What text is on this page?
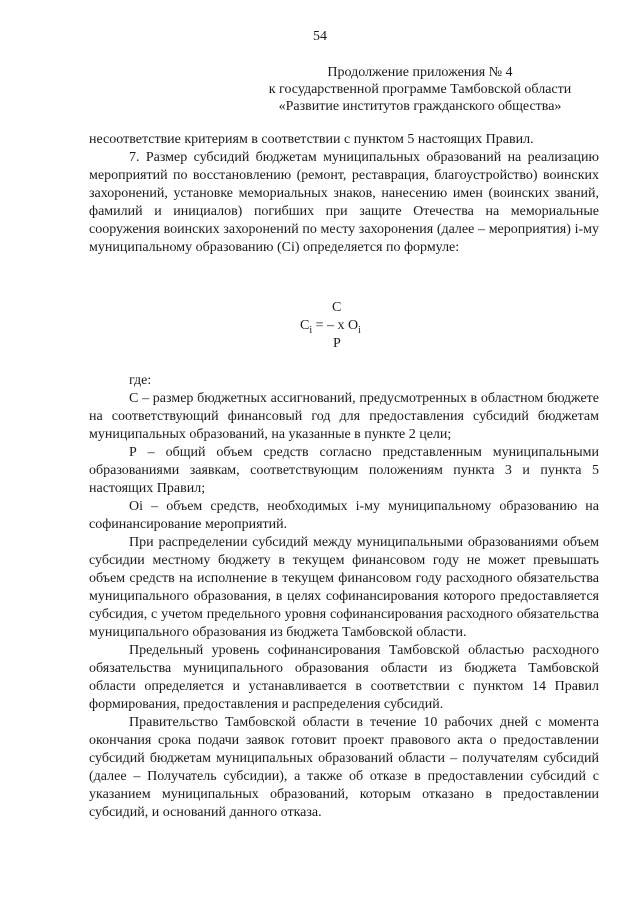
54
Продолжение приложения № 4
к государственной программе Тамбовской области
«Развитие институтов гражданского общества»

несоответствие критериям в соответствии с пунктом 5 настоящих Правил.

7. Размер субсидий бюджетам муниципальных образований на реализацию мероприятий по восстановлению (ремонт, реставрация, благоустройство) воинских захоронений, установке мемориальных знаков, нанесению имен (воинских званий, фамилий и инициалов) погибших при защите Отечества на мемориальные сооружения воинских захоронений по месту захоронения (далее – мероприятия) i-му муниципальному образованию (Ci) определяется по формуле:

C
$C_i$ = – x $O_i$
P

где:

С – размер бюджетных ассигнований, предусмотренных в областном бюджете на соответствующий финансовый год для предоставления субсидий бюджетам муниципальных образований, на указанные в пункте 2 цели;

Р – общий объем средств согласно представленным муниципальными образованиями заявкам, соответствующим положениям пункта 3 и пункта 5 настоящих Правил;

Oi – объем средств, необходимых i-му муниципальному образованию на софинансирование мероприятий.

При распределении субсидий между муниципальными образованиями объем субсидии местному бюджету в текущем финансовом году не может превышать объем средств на исполнение в текущем финансовом году расходного обязательства муниципального образования, в целях софинансирования которого предоставляется субсидия, с учетом предельного уровня софинансирования расходного обязательства муниципального образования из бюджета Тамбовской области.

Предельный уровень софинансирования Тамбовской областью расходного обязательства муниципального образования области из бюджета Тамбовской области определяется и устанавливается в соответствии с пунктом 14 Правил формирования, предоставления и распределения субсидий.

Правительство Тамбовской области в течение 10 рабочих дней с момента окончания срока подачи заявок готовит проект правового акта о предоставлении субсидий бюджетам муниципальных образований области – получателям субсидий (далее – Получатель субсидии), а также об отказе в предоставлении субсидий с указанием муниципальных образований, которым отказано в предоставлении субсидий, и оснований данного отказа.
